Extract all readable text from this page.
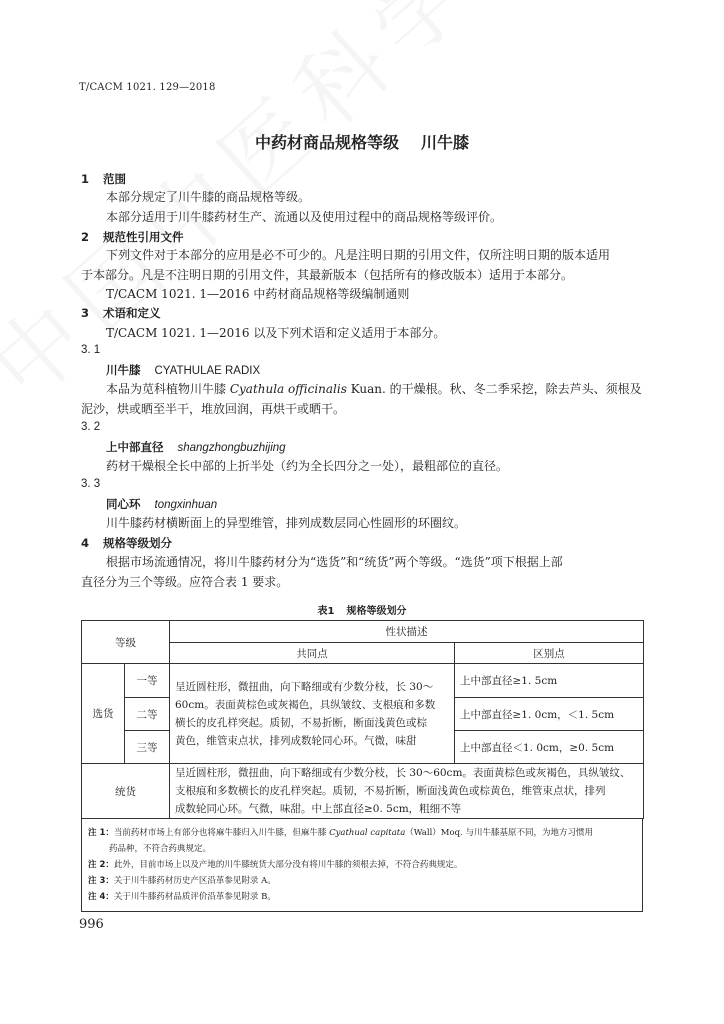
T/CACM 1021. 129—2018
中药材商品规格等级 川牛膝
1 范围
本部分规定了川牛膝的商品规格等级。
本部分适用于川牛膝药材生产、流通以及使用过程中的商品规格等级评价。
2 规范性引用文件
下列文件对于本部分的应用是必不可少的。凡是注明日期的引用文件，仅所注明日期的版本适用
于本部分。凡是不注明日期的引用文件，其最新版本（包括所有的修改版本）适用于本部分。
T/CACM 1021. 1—2016 中药材商品规格等级编制通则
3 术语和定义
T/CACM 1021. 1—2016 以及下列术语和定义适用于本部分。
3. 1
川牛膝 CYATHULAE RADIX
本品为苋科植物川牛膝 Cyathula officinalis Kuan. 的干燥根。秋、冬二季采挖，除去芦头、须根及
泥沙，烘或晒至半干，堆放回润，再烘干或晒干。
3. 2
上中部直径 shangzhongbuzhijing
药材干燥根全长中部的上折半处（约为全长四分之一处），最粗部位的直径。
3. 3
同心环 tongxinhuan
川牛膝药材横断面上的异型维管，排列成数层同心性圆形的环圈纹。
4 规格等级划分
根据市场流通情况，将川牛膝药材分为“选货”和“统货”两个等级。“选货”项下根据上部
直径分为三个等级。应符合表 1 要求。
表1 规格等级划分
等级		性状描述	
		共同点	区别点
选货	一等	呈近圆柱形，微扭曲，向下略细或有少数分枝，长 30～
60cm。表面黄棕色或灰褐色，具纵皱纹、支根痕和多数
横长的皮孔样突起。质韧，不易折断，断面浅黄色或棕
黄色，维管束点状，排列成数轮同心环。气微，味甜	上中部直径≥1. 5cm
	二等		上中部直径≥1. 0cm，＜1. 5cm
	三等		上中部直径＜1. 0cm，≥0. 5cm
统货		呈近圆柱形，微扭曲，向下略细或有少数分枝，长 30～60cm。表面黄棕色或灰褐色，具纵皱纹、
支根痕和多数横长的皮孔样突起。质韧，不易折断，断面浅黄色或棕黄色，维管束点状，排列
成数轮同心环。气微，味甜。中上部直径≥0. 5cm，粗细不等	
注 1：当前药材市场上有部分也将麻牛膝归入川牛膝，但麻牛膝 Cyathual capitata（Wall）Moq. 与川牛膝基原不同，为地方习惯用
药品种，不符合药典规定。
注 2：此外，目前市场上以及产地的川牛膝统货大部分没有将川牛膝的须根去掉，不符合药典规定。
注 3：关于川牛膝药材历史产区沿革参见附录 A。
注 4：关于川牛膝药材品质评价沿革参见附录 B。
996
